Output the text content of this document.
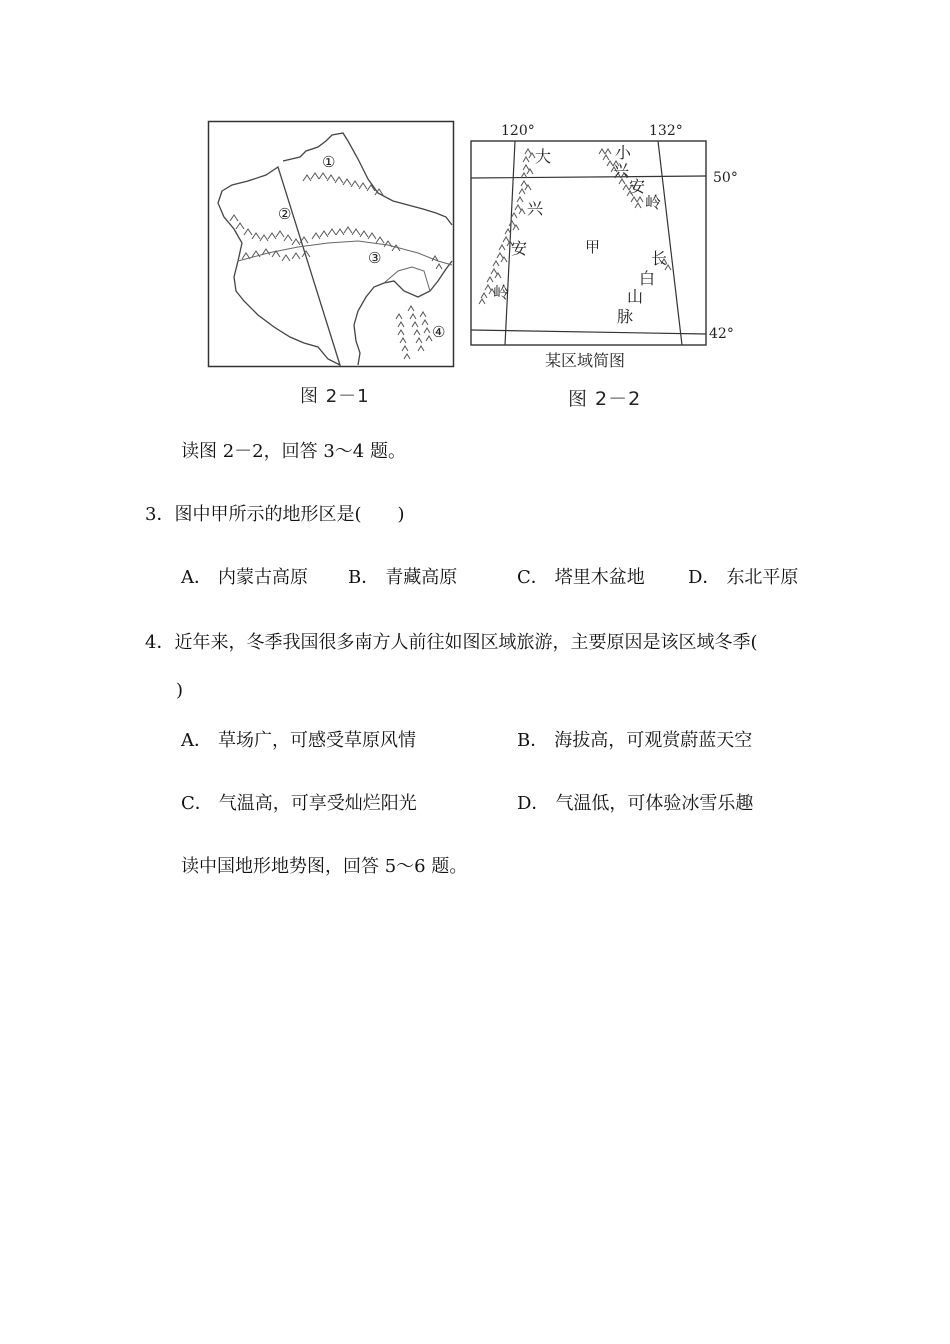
①
②
③
④
图 2－1
120°	132°
50°
42°
大
兴
安
岭
小
兴
安
岭
长
白
山
脉
甲
某区域简图
图 2－2
读图 2－2，回答 3～4 题。
3．图中甲所示的地形区是(　　)
A． 内蒙古高原 B． 青藏高原	C． 塔里木盆地 D． 东北平原
4．近年来，冬季我国很多南方人前往如图区域旅游，主要原因是该区域冬季(
)
A． 草场广，可感受草原风情	B． 海拔高，可观赏蔚蓝天空
C． 气温高，可享受灿烂阳光	D． 气温低，可体验冰雪乐趣
读中国地形地势图，回答 5～6 题。
